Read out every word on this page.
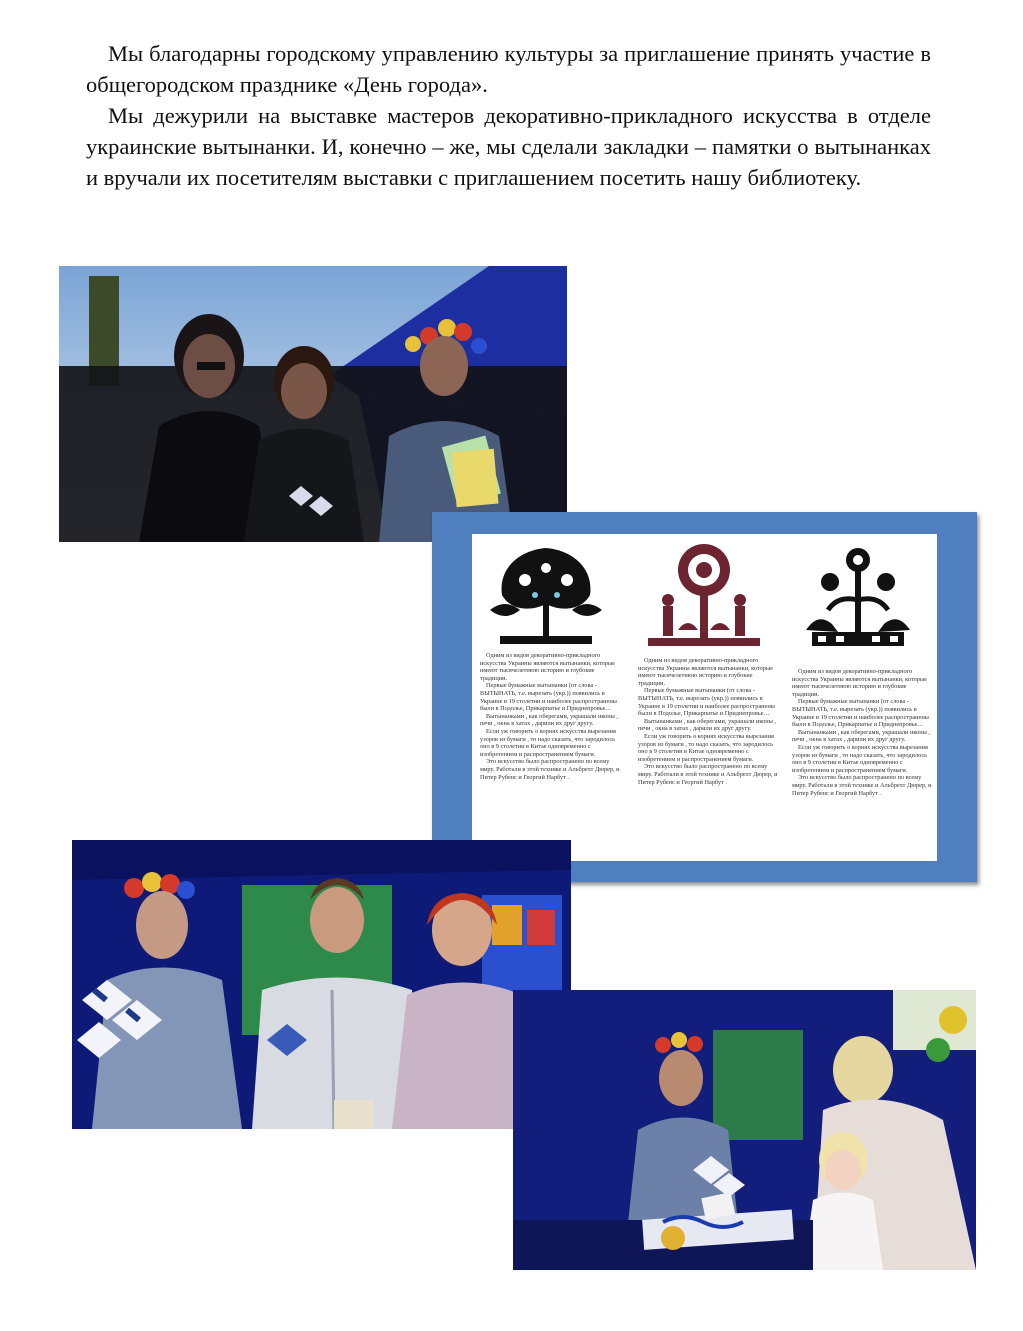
Мы благодарны городскому управлению культуры за приглашение принять участие в общегородском празднике «День города».

Мы дежурили на выставке мастеров декоративно-прикладного искусства в отделе украинские вытынанки. И, конечно – же, мы сделали закладки – памятки о вытынанках и вручали их посетителям выставки с приглашением посетить нашу библиотеку.

Одним из видов декоративно-прикладного искусства Украины являются вытынанки, которые имеют тысячелетнюю историю и глубокие традиции.

Первые бумажные вытынанки (от слова - ВЫТЫНАТЬ, т.е. вырезать (укр.)) появились в Украине в 19 столетии и наиболее распространены были в Подолье, Прикарпатье и Приднепровье…

Вытынанками , как оберегами, украшали иконы , печи , окна в хатах , дарили их друг другу.

Если уж говорить о корнях искусства вырезания узоров из бумаги , то надо сказать, что зародилось оно в 9 столетии в Китае одновременно с изобретением и распространением бумаги.

Это искусство было распространено по всему миру. Работали в этой технике и Альбрехт Дюрер, и Питер Рубенс и Георгий Нарбут .

Одним из видов декоративно-прикладного искусства Украины являются вытынанки, которые имеют тысячелетнюю историю и глубокие традиции.

Первые бумажные вытынанки (от слова - ВЫТЫНАТЬ, т.е. вырезать (укр.)) появились в Украине в 19 столетии и наиболее распространены были в Подолье, Прикарпатье и Приднепровье…

Вытынанками , как оберегами, украшали иконы , печи , окна в хатах , дарили их друг другу.

Если уж говорить о корнях искусства вырезания узоров из бумаги , то надо сказать, что зародилось оно в 9 столетии в Китае одновременно с изобретением и распространением бумаги.

Это искусство было распространено по всему миру. Работали в этой технике и Альбрехт Дюрер, и Питер Рубенс и Георгий Нарбут .

Одним из видов декоративно-прикладного искусства Украины являются вытынанки, которые имеют тысячелетнюю историю и глубокие традиции.

Первые бумажные вытынанки (от слова - ВЫТЫНАТЬ, т.е. вырезать (укр.)) появились в Украине в 19 столетии и наиболее распространены были в Подолье, Прикарпатье и Приднепровье…

Вытынанками , как оберегами, украшали иконы , печи , окна в хатах , дарили их друг другу.

Если уж говорить о корнях искусства вырезания узоров из бумаги , то надо сказать, что зародилось оно в 9 столетии в Китае одновременно с изобретением и распространением бумаги.

Это искусство было распространено по всему миру. Работали в этой технике и Альбрехт Дюрер, и Питер Рубенс и Георгий Нарбут .
